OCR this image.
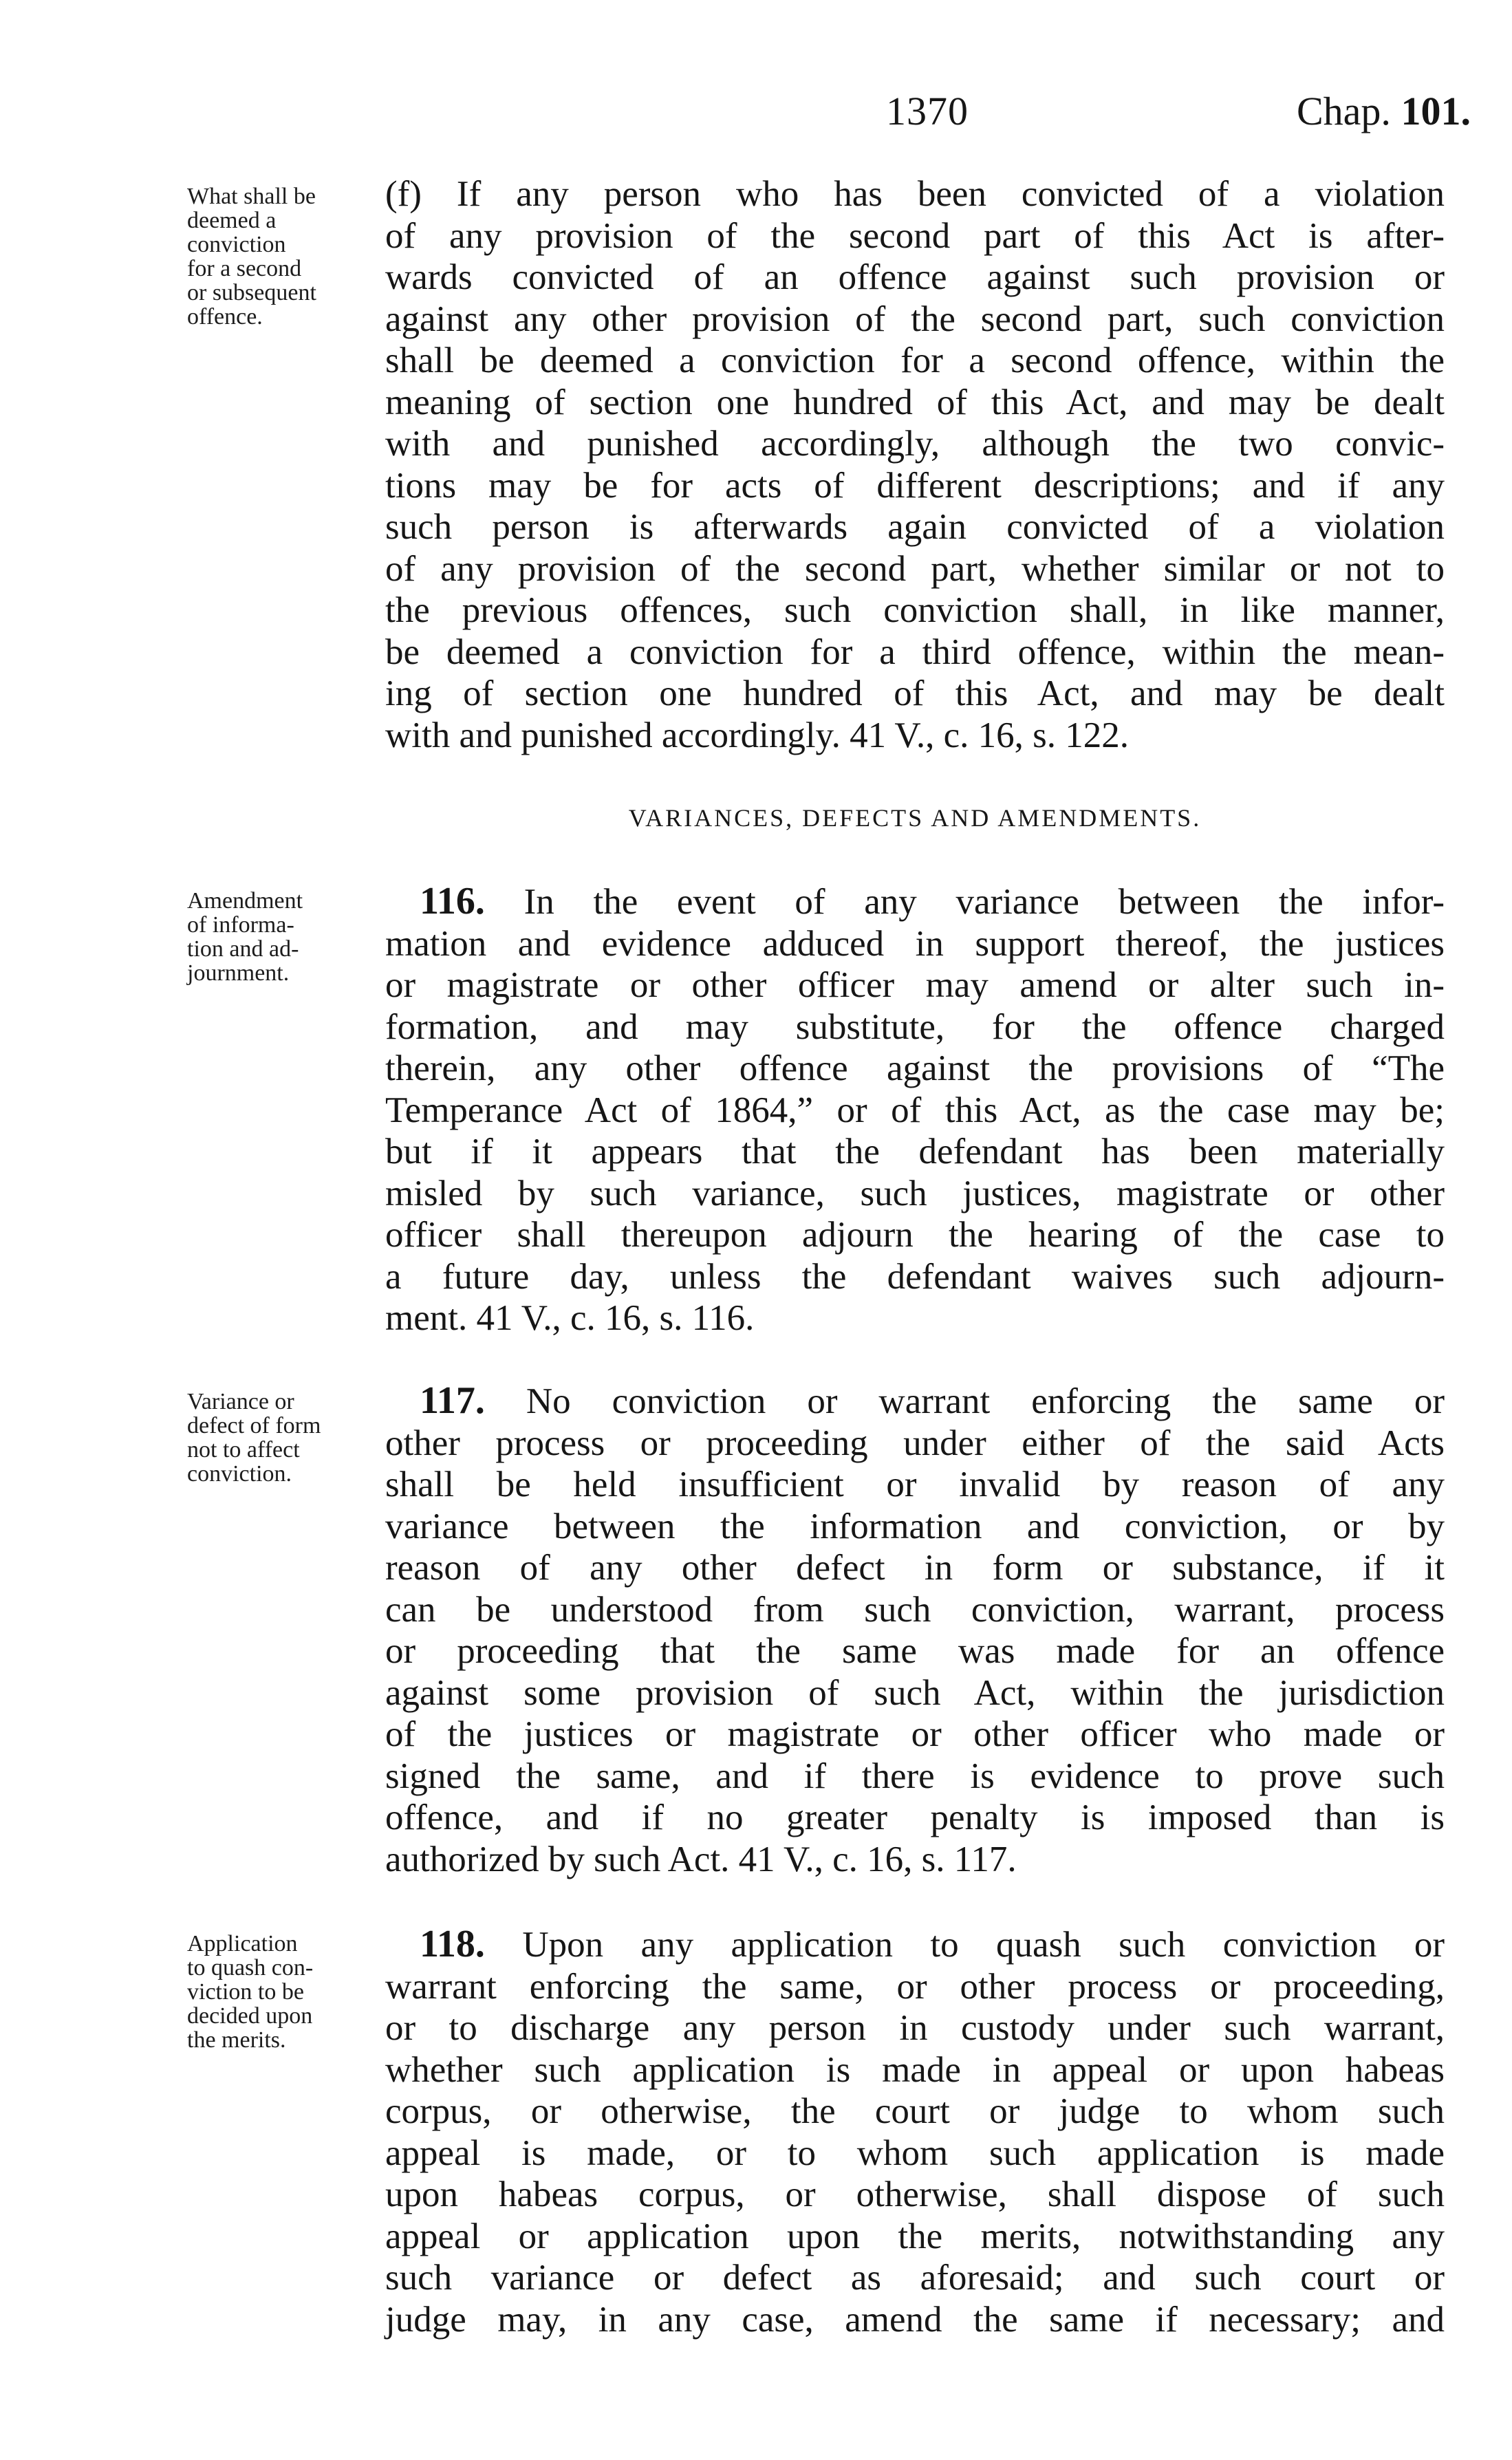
1370	Chap. 101.
What shall be
deemed a
conviction
for a second
or subsequent
offence.
(f) If any person who has been convicted of a violation
of any provision of the second part of this Act is after-
wards convicted of an offence against such provision or
against any other provision of the second part, such conviction
shall be deemed a conviction for a second offence, within the
meaning of section one hundred of this Act, and may be dealt
with and punished accordingly, although the two convic-
tions may be for acts of different descriptions; and if any
such person is afterwards again convicted of a violation
of any provision of the second part, whether similar or not to
the previous offences, such conviction shall, in like manner,
be deemed a conviction for a third offence, within the mean-
ing of section one hundred of this Act, and may be dealt
with and punished accordingly. 41 V., c. 16, s. 122.
VARIANCES, DEFECTS AND AMENDMENTS.
Amendment
of informa-
tion and ad-
journment.
116. In the event of any variance between the infor-
mation and evidence adduced in support thereof, the justices
or magistrate or other officer may amend or alter such in-
formation, and may substitute, for the offence charged
therein, any other offence against the provisions of “The
Temperance Act of 1864,” or of this Act, as the case may be;
but if it appears that the defendant has been materially
misled by such variance, such justices, magistrate or other
officer shall thereupon adjourn the hearing of the case to
a future day, unless the defendant waives such adjourn-
ment. 41 V., c. 16, s. 116.
Variance or
defect of form
not to affect
conviction.
117. No conviction or warrant enforcing the same or
other process or proceeding under either of the said Acts
shall be held insufficient or invalid by reason of any
variance between the information and conviction, or by
reason of any other defect in form or substance, if it
can be understood from such conviction, warrant, process
or proceeding that the same was made for an offence
against some provision of such Act, within the jurisdiction
of the justices or magistrate or other officer who made or
signed the same, and if there is evidence to prove such
offence, and if no greater penalty is imposed than is
authorized by such Act. 41 V., c. 16, s. 117.
Application
to quash con-
viction to be
decided upon
the merits.
118. Upon any application to quash such conviction or
warrant enforcing the same, or other process or proceeding,
or to discharge any person in custody under such warrant,
whether such application is made in appeal or upon habeas
corpus, or otherwise, the court or judge to whom such
appeal is made, or to whom such application is made
upon habeas corpus, or otherwise, shall dispose of such
appeal or application upon the merits, notwithstanding any
such variance or defect as aforesaid; and such court or
judge may, in any case, amend the same if necessary; and
